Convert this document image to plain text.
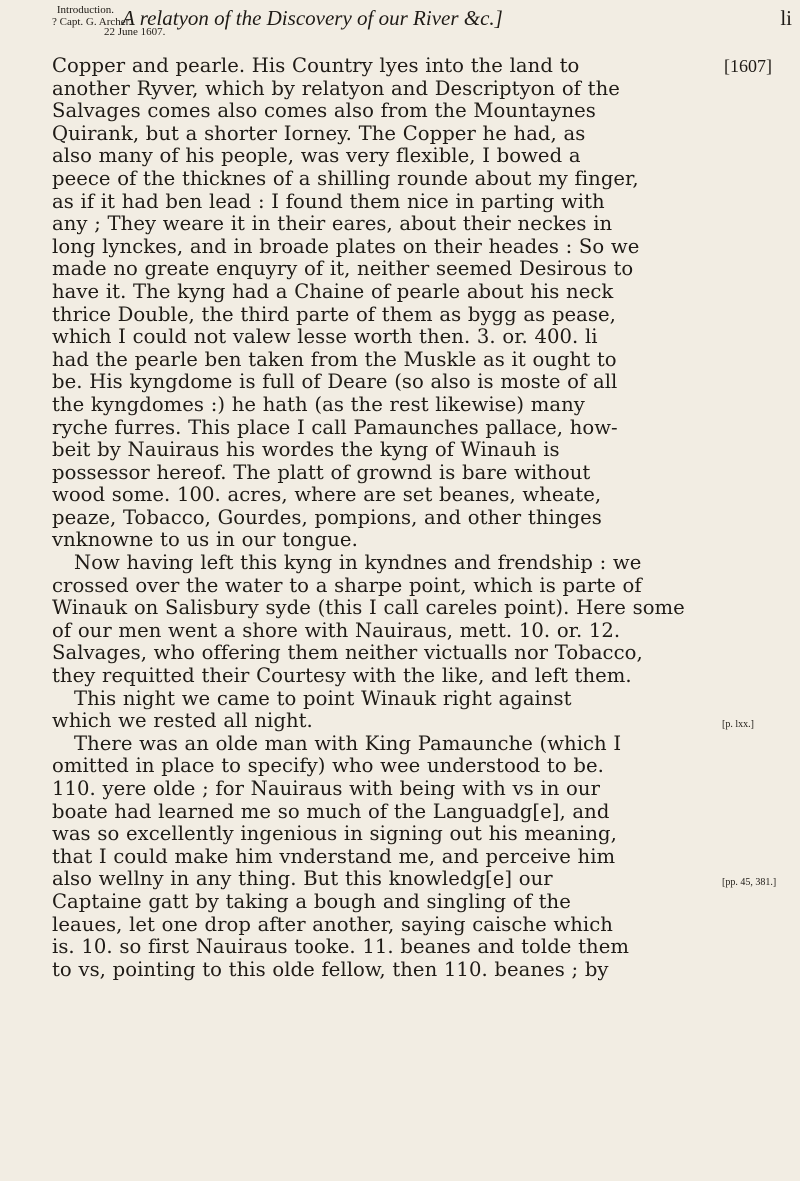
Introduction.
? Capt. G. Archer.
22 June 1607.
A relatyon of the Discovery of our River &c.]	li
[1607]
[p. lxx.]
[pp. 45, 381.]
Copper and pearle. His Country lyes into the land to
another Ryver, which by relatyon and Descriptyon of the
Salvages comes also comes also from the Mountaynes
Quirank, but a shorter Iorney. The Copper he had, as
also many of his people, was very flexible, I bowed a
peece of the thicknes of a shilling rounde about my finger,
as if it had ben lead : I found them nice in parting with
any ; They weare it in their eares, about their neckes in
long lynckes, and in broade plates on their heades : So we
made no greate enquyry of it, neither seemed Desirous to
have it. The kyng had a Chaine of pearle about his neck
thrice Double, the third parte of them as bygg as pease,
which I could not valew lesse worth then. 3. or. 400. li
had the pearle ben taken from the Muskle as it ought to
be. His kyngdome is full of Deare (so also is moste of all
the kyngdomes :) he hath (as the rest likewise) many
ryche furres. This place I call Pamaunches pallace, how-
beit by Nauiraus his wordes the kyng of Winauh is
possessor hereof. The platt of grownd is bare without
wood some. 100. acres, where are set beanes, wheate,
peaze, Tobacco, Gourdes, pompions, and other thinges
vnknowne to us in our tongue.
Now having left this kyng in kyndnes and frendship : we
crossed over the water to a sharpe point, which is parte of
Winauk on Salisbury syde (this I call careles point). Here some
of our men went a shore with Nauiraus, mett. 10. or. 12.
Salvages, who offering them neither victualls nor Tobacco,
they requitted their Courtesy with the like, and left them.
This night we came to point Winauk right against
which we rested all night.
There was an olde man with King Pamaunche (which I
omitted in place to specify) who wee understood to be.
110. yere olde ; for Nauiraus with being with vs in our
boate had learned me so much of the Languadg[e], and
was so excellently ingenious in signing out his meaning,
that I could make him vnderstand me, and perceive him
also wellny in any thing. But this knowledg[e] our
Captaine gatt by taking a bough and singling of the
leaues, let one drop after another, saying caische which
is. 10. so first Nauiraus tooke. 11. beanes and tolde them
to vs, pointing to this olde fellow, then 110. beanes ; by
